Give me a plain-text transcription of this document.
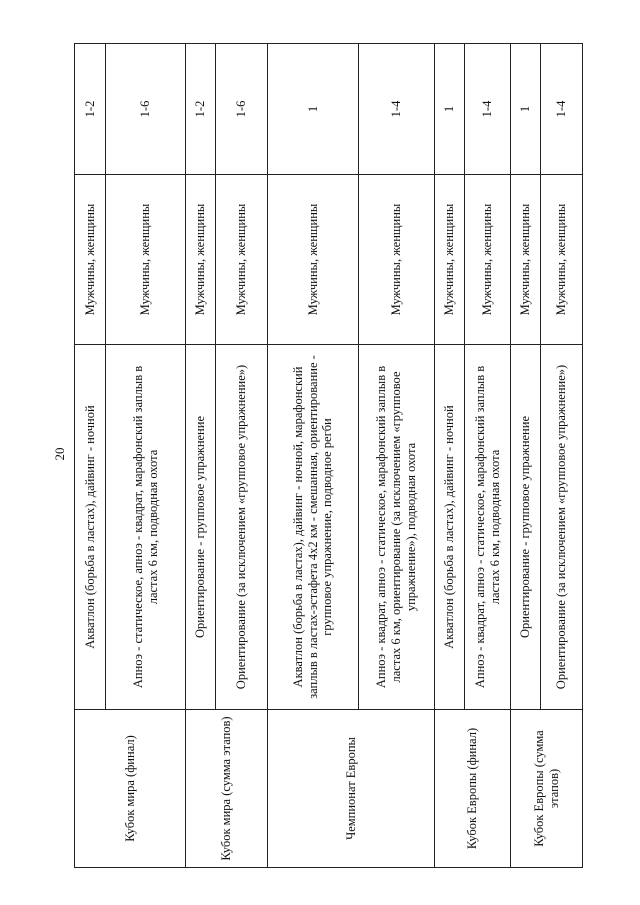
20
Кубок мира (финал)	Акватлон (борьба в ластах), дайвинг - ночной	Мужчины, женщины	1-2
	Апноэ - статическое, апноэ - квадрат, марафонский заплыв в ластах 6 км, подводная охота	Мужчины, женщины	1-6
Кубок мира (сумма этапов)	Ориентирование - групповое упражнение	Мужчины, женщины	1-2
	Ориентирование (за исключением «групповое упражнение»)	Мужчины, женщины	1-6
Чемпионат Европы	Акватлон (борьба в ластах), дайвинг - ночной, марафонский заплыв в ластах-эстафета 4х2 км - смешанная, ориентирование - групповое упражнение, подводное регби	Мужчины, женщины	1
	Апноэ - квадрат, апноэ - статическое, марафонский заплыв в ластах 6 км, ориентирование (за исключением «групповое упражнение»), подводная охота	Мужчины, женщины	1-4
Кубок Европы (финал)	Акватлон (борьба в ластах), дайвинг - ночной	Мужчины, женщины	1
	Апноэ - квадрат, апноэ - статическое, марафонский заплыв в ластах 6 км, подводная охота	Мужчины, женщины	1-4
Кубок Европы (сумма этапов)	Ориентирование - групповое упражнение	Мужчины, женщины	1
	Ориентирование (за исключением «групповое упражнение»)	Мужчины, женщины	1-4
